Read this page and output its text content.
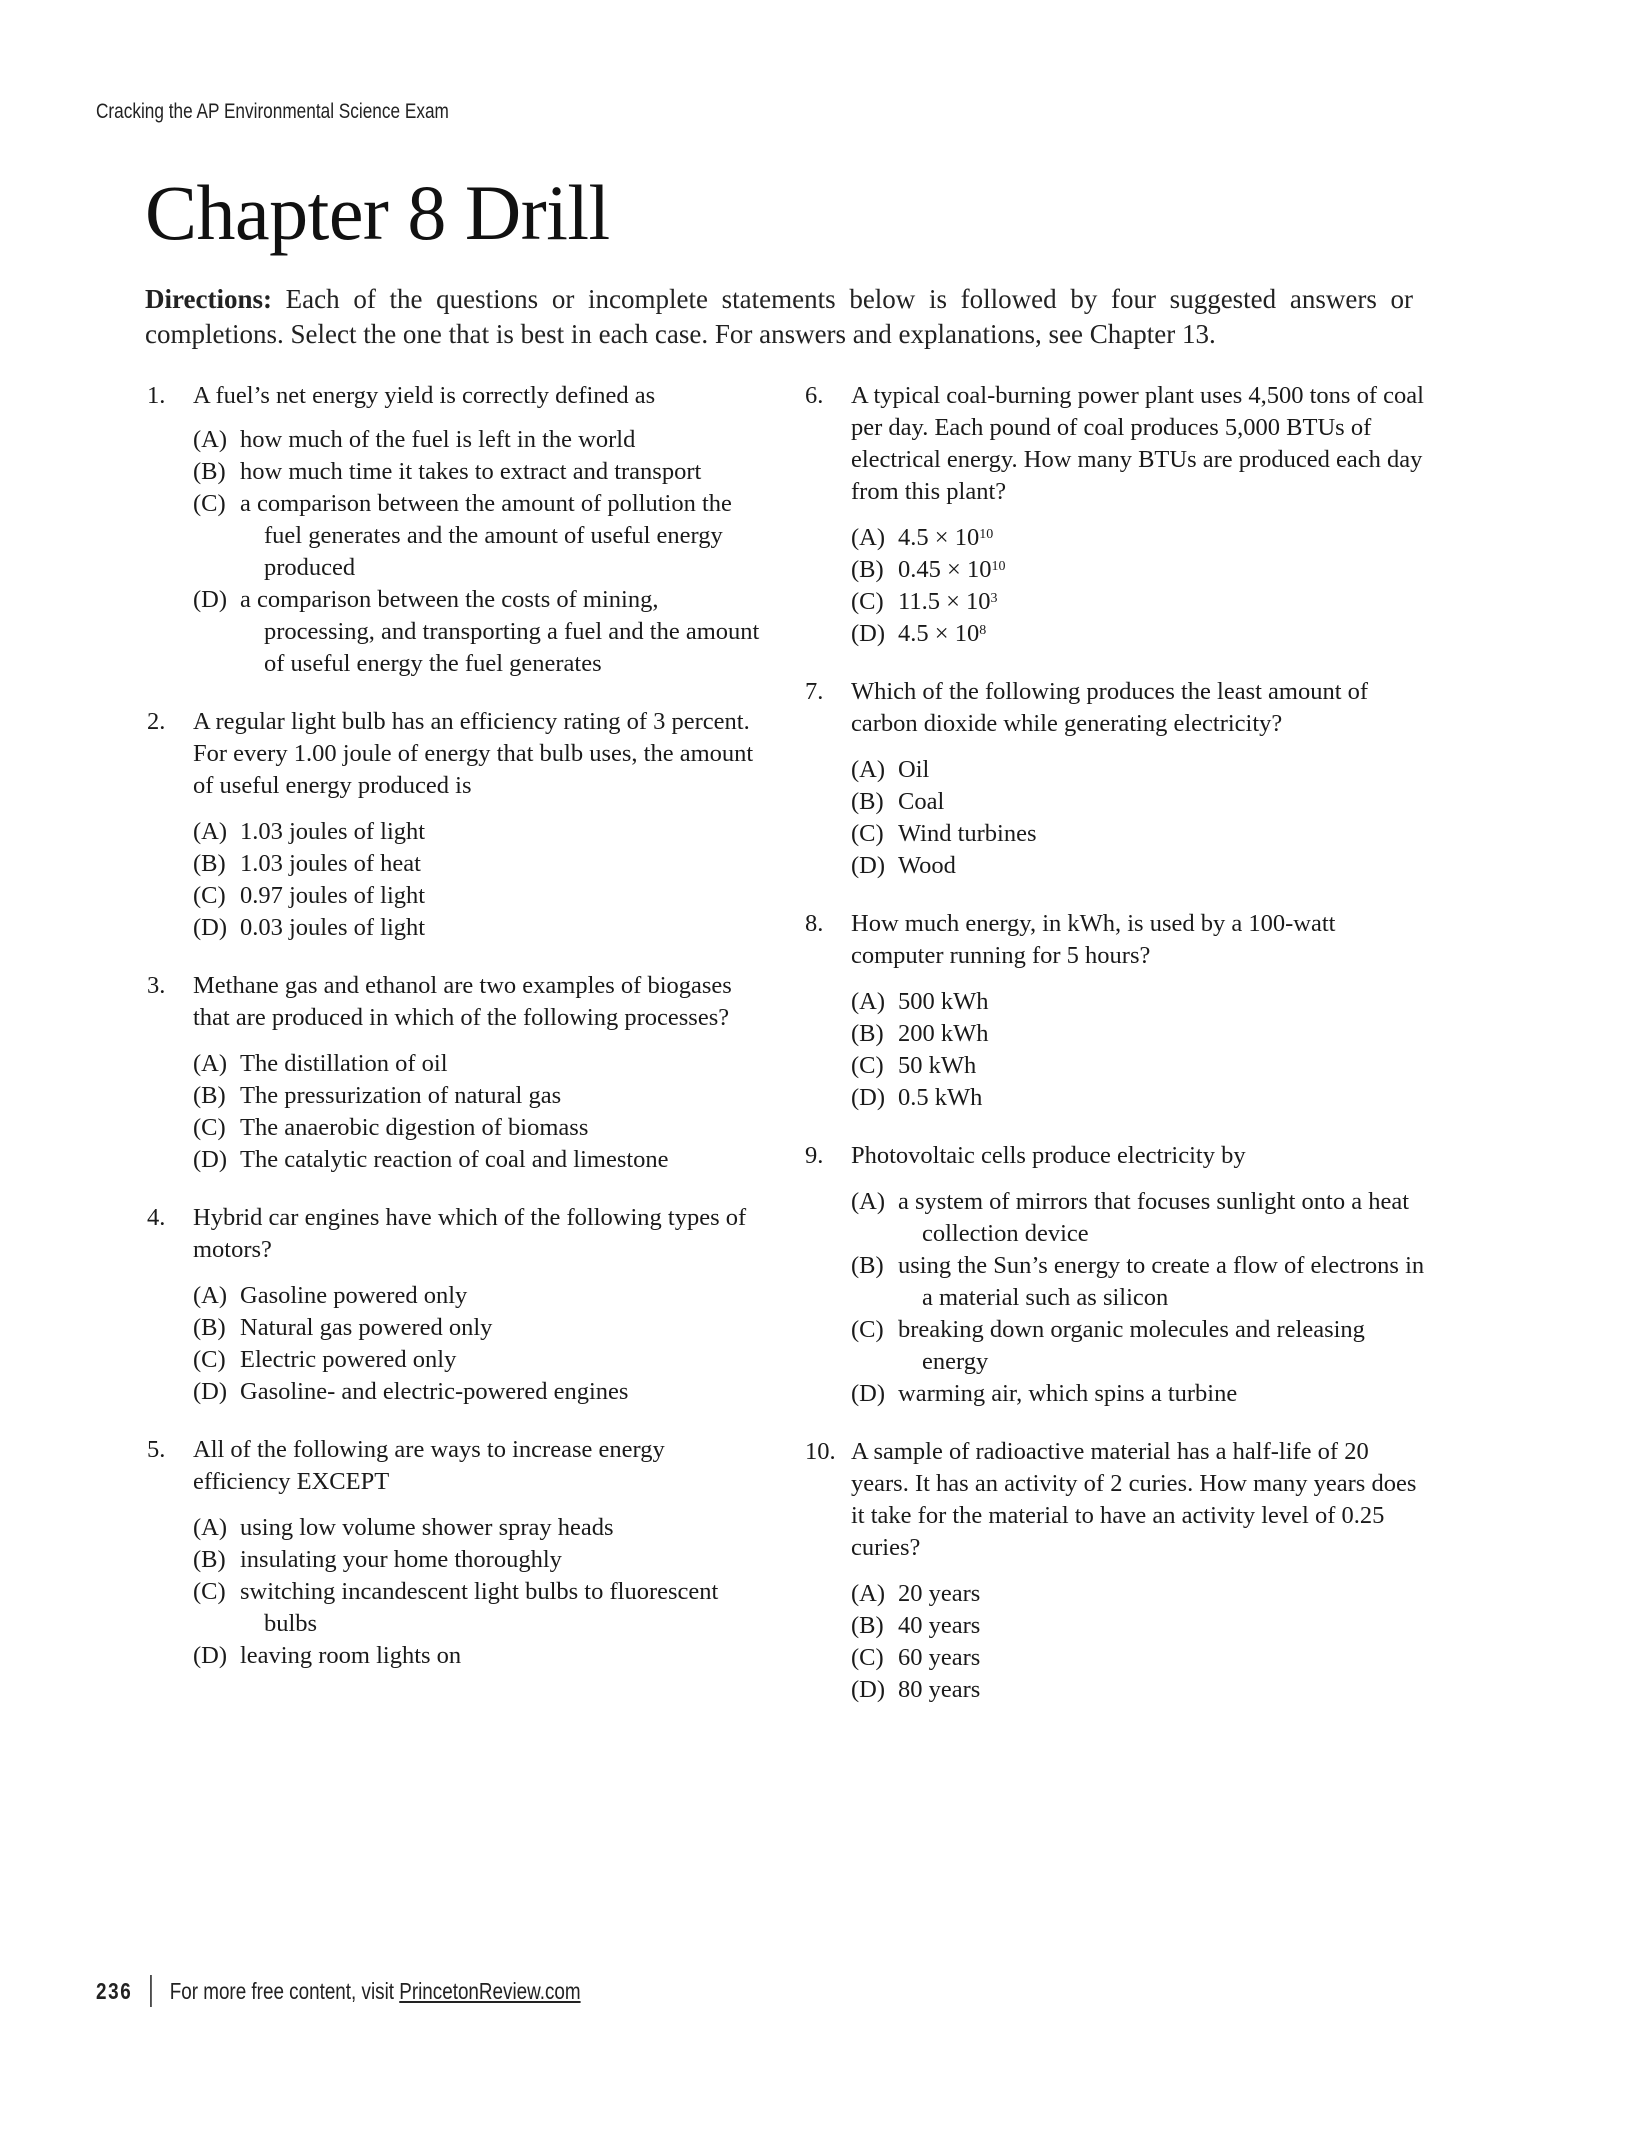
Cracking the AP Environmental Science Exam
Chapter 8 Drill

Directions: Each of the questions or incomplete statements below is followed by four suggested answers or completions. Select the one that is best in each case. For answers and explanations, see Chapter 13.

1. A fuel’s net energy yield is correctly defined as
(A) how much of the fuel is left in the world
(B) how much time it takes to extract and transport
(C) a comparison between the amount of pollution the fuel generates and the amount of useful energy produced
(D) a comparison between the costs of mining, processing, and transporting a fuel and the amount of useful energy the fuel generates
2. A regular light bulb has an efficiency rating of 3 percent. For every 1.00 joule of energy that bulb uses, the amount of useful energy produced is
(A) 1.03 joules of light
(B) 1.03 joules of heat
(C) 0.97 joules of light
(D) 0.03 joules of light
3. Methane gas and ethanol are two examples of biogases that are produced in which of the following processes?
(A) The distillation of oil
(B) The pressurization of natural gas
(C) The anaerobic digestion of biomass
(D) The catalytic reaction of coal and limestone
4. Hybrid car engines have which of the following types of motors?
(A) Gasoline powered only
(B) Natural gas powered only
(C) Electric powered only
(D) Gasoline- and electric-powered engines
5. All of the following are ways to increase energy efficiency EXCEPT
(A) using low volume shower spray heads
(B) insulating your home thoroughly
(C) switching incandescent light bulbs to fluorescent bulbs
(D) leaving room lights on
6. A typical coal-burning power plant uses 4,500 tons of coal per day. Each pound of coal produces 5,000 BTUs of electrical energy. How many BTUs are produced each day from this plant?
(A) $4.5 \times 10^{10}$
(B) $0.45 \times 10^{10}$
(C) $11.5 \times 10^3$
(D) $4.5 \times 10^8$
7. Which of the following produces the least amount of carbon dioxide while generating electricity?
(A) Oil
(B) Coal
(C) Wind turbines
(D) Wood
8. How much energy, in kWh, is used by a 100-watt computer running for 5 hours?
(A) 500 kWh
(B) 200 kWh
(C) 50 kWh
(D) 0.5 kWh
9. Photovoltaic cells produce electricity by
(A) a system of mirrors that focuses sunlight onto a heat collection device
(B) using the Sun’s energy to create a flow of electrons in a material such as silicon
(C) breaking down organic molecules and releasing energy
(D) warming air, which spins a turbine
10. A sample of radioactive material has a half-life of 20 years. It has an activity of 2 curies. How many years does it take for the material to have an activity level of 0.25 curies?
(A) 20 years
(B) 40 years
(C) 60 years
(D) 80 years
236 For more free content, visit PrincetonReview.com
